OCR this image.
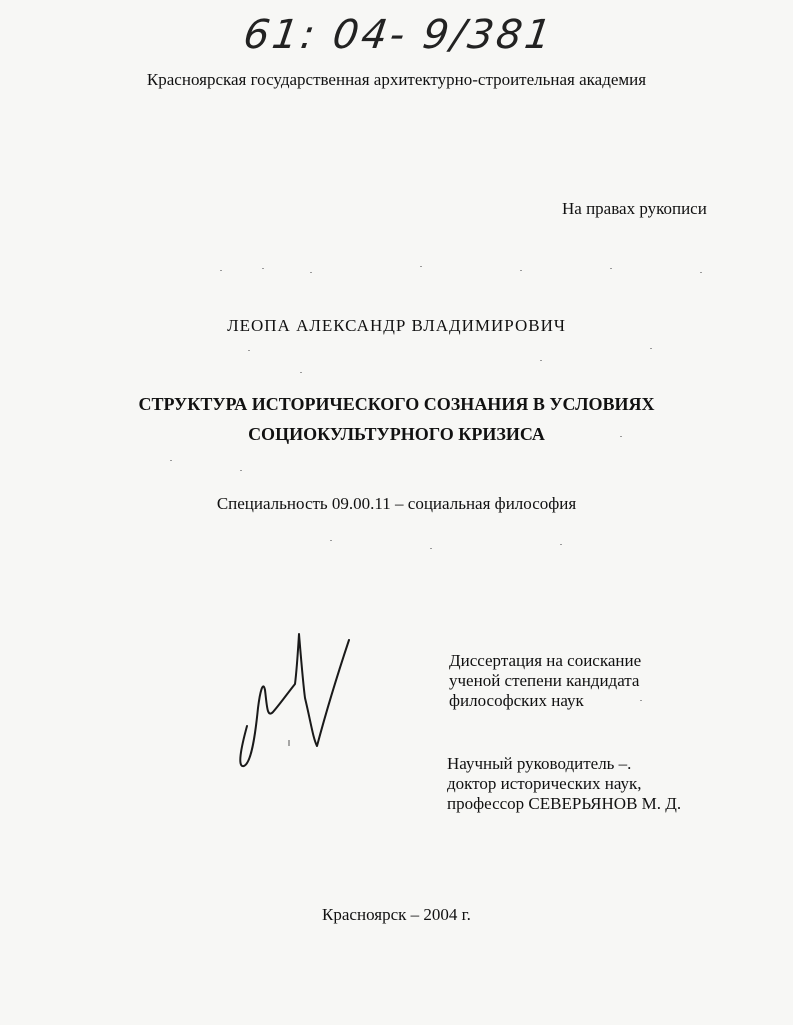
61: 04- 9/381
Красноярская государственная архитектурно-строительная академия
На правах рукописи
ЛЕОПА АЛЕКСАНДР ВЛАДИМИРОВИЧ
СТРУКТУРА ИСТОРИЧЕСКОГО СОЗНАНИЯ В УСЛОВИЯХ
СОЦИОКУЛЬТУРНОГО КРИЗИСА
Специальность 09.00.11 – социальная философия
Диссертация на соискание
ученой степени кандидата
философских наук
Научный руководитель –.
доктор исторических наук,
профессор СЕВЕРЬЯНОВ М. Д.
Красноярск – 2004 г.
